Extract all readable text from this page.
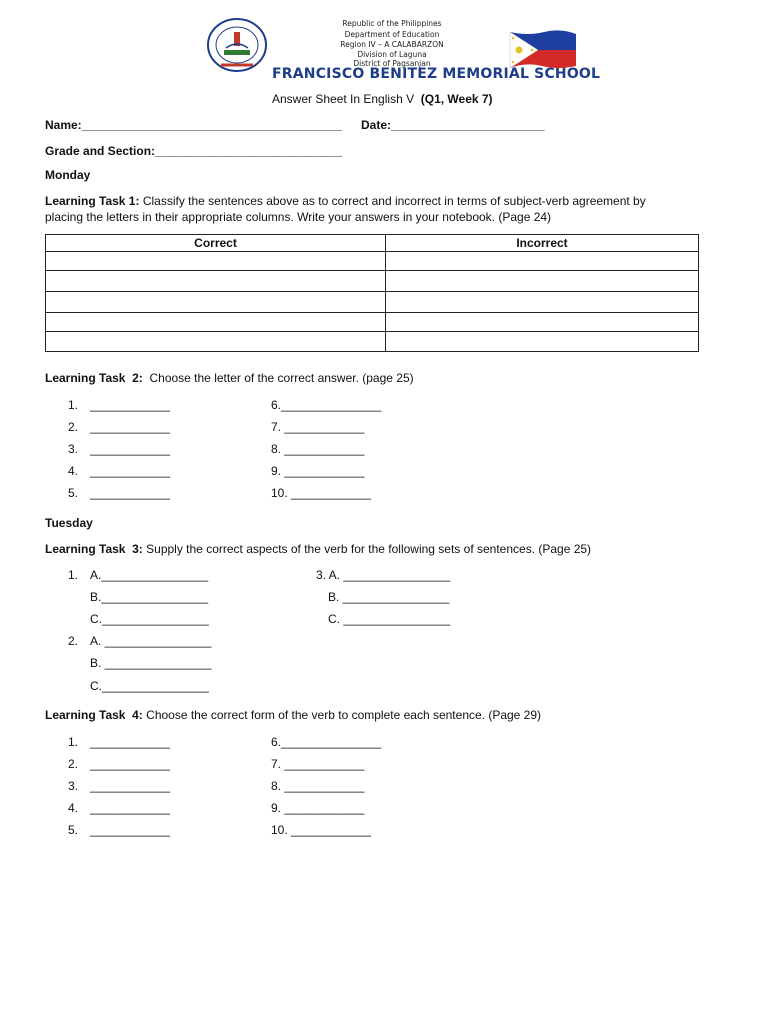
Republic of the Philippines
Department of Education
Region IV – A CALABARZON
Division of Laguna
District of Pagsanjan
FRANCISCO BENITEZ MEMORIAL SCHOOL
Answer Sheet In English V  (Q1, Week 7)
Name:_______________________________________ Date:_______________________
Grade and Section:____________________________
Monday
Learning Task 1: Classify the sentences above as to correct and incorrect in terms of subject-verb agreement by
placing the letters in their appropriate columns. Write your answers in your notebook. (Page 24)
Correct	Incorrect

Learning Task  2:  Choose the letter of the correct answer. (page 25)
1. ____________
2. ____________
3. ____________
4. ____________
5. ____________
6._______________
7. ____________
8. ____________
9. ____________
10. ____________
Tuesday
Learning Task  3: Supply the correct aspects of the verb for the following sets of sentences. (Page 25)
1. A.________________
B.________________
C.________________
3. A. ________________
B. ________________
C. ________________
2. A. ________________
B. ________________
C.________________
Learning Task  4: Choose the correct form of the verb to complete each sentence. (Page 29)
1. ____________
2. ____________
3. ____________
4. ____________
5. ____________
6._______________
7. ____________
8. ____________
9. ____________
10. ____________
